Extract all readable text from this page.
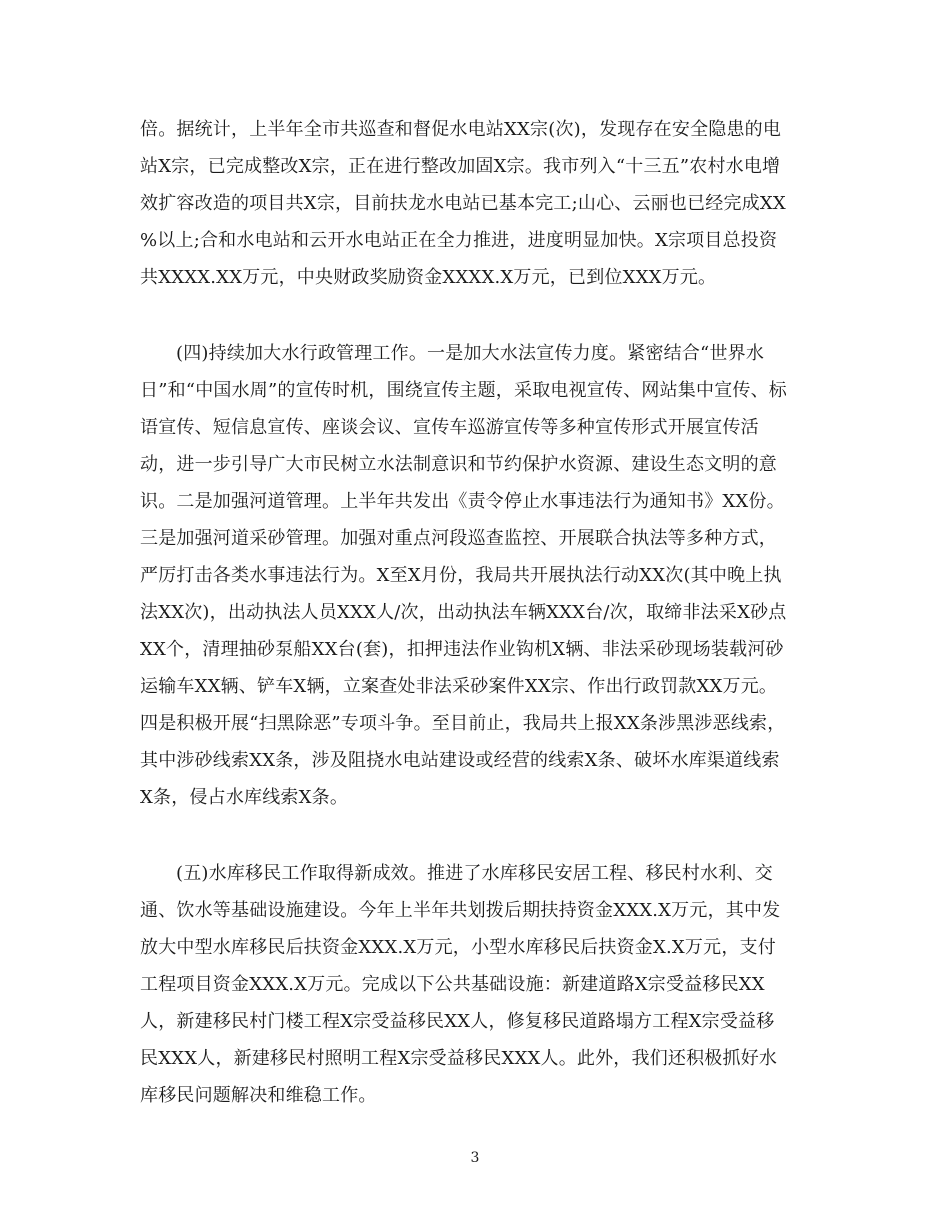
倍。据统计，上半年全市共巡查和督促水电站XX宗(次)，发现存在安全隐患的电
站X宗，已完成整改X宗，正在进行整改加固X宗。我市列入“十三五”农村水电增
效扩容改造的项目共X宗，目前扶龙水电站已基本完工;山心、云丽也已经完成XX
%以上;合和水电站和云开水电站正在全力推进，进度明显加快。X宗项目总投资
共XXXX.XX万元，中央财政奖励资金XXXX.X万元，已到位XXX万元。
(四)持续加大水行政管理工作。一是加大水法宣传力度。紧密结合“世界水
日”和“中国水周”的宣传时机，围绕宣传主题，采取电视宣传、网站集中宣传、标
语宣传、短信息宣传、座谈会议、宣传车巡游宣传等多种宣传形式开展宣传活
动，进一步引导广大市民树立水法制意识和节约保护水资源、建设生态文明的意
识。二是加强河道管理。上半年共发出《责令停止水事违法行为通知书》XX份。
三是加强河道采砂管理。加强对重点河段巡查监控、开展联合执法等多种方式，
严厉打击各类水事违法行为。X至X月份，我局共开展执法行动XX次(其中晚上执
法XX次)，出动执法人员XXX人/次，出动执法车辆XXX台/次，取缔非法采X砂点
XX个，清理抽砂泵船XX台(套)，扣押违法作业钩机X辆、非法采砂现场装载河砂
运输车XX辆、铲车X辆，立案查处非法采砂案件XX宗、作出行政罚款XX万元。
四是积极开展“扫黑除恶”专项斗争。至目前止，我局共上报XX条涉黑涉恶线索，
其中涉砂线索XX条，涉及阻挠水电站建设或经营的线索X条、破坏水库渠道线索
X条，侵占水库线索X条。
(五)水库移民工作取得新成效。推进了水库移民安居工程、移民村水利、交
通、饮水等基础设施建设。今年上半年共划拨后期扶持资金XXX.X万元，其中发
放大中型水库移民后扶资金XXX.X万元，小型水库移民后扶资金X.X万元，支付
工程项目资金XXX.X万元。完成以下公共基础设施：新建道路X宗受益移民XX
人，新建移民村门楼工程X宗受益移民XX人，修复移民道路塌方工程X宗受益移
民XXX人，新建移民村照明工程X宗受益移民XXX人。此外，我们还积极抓好水
库移民问题解决和维稳工作。
3
